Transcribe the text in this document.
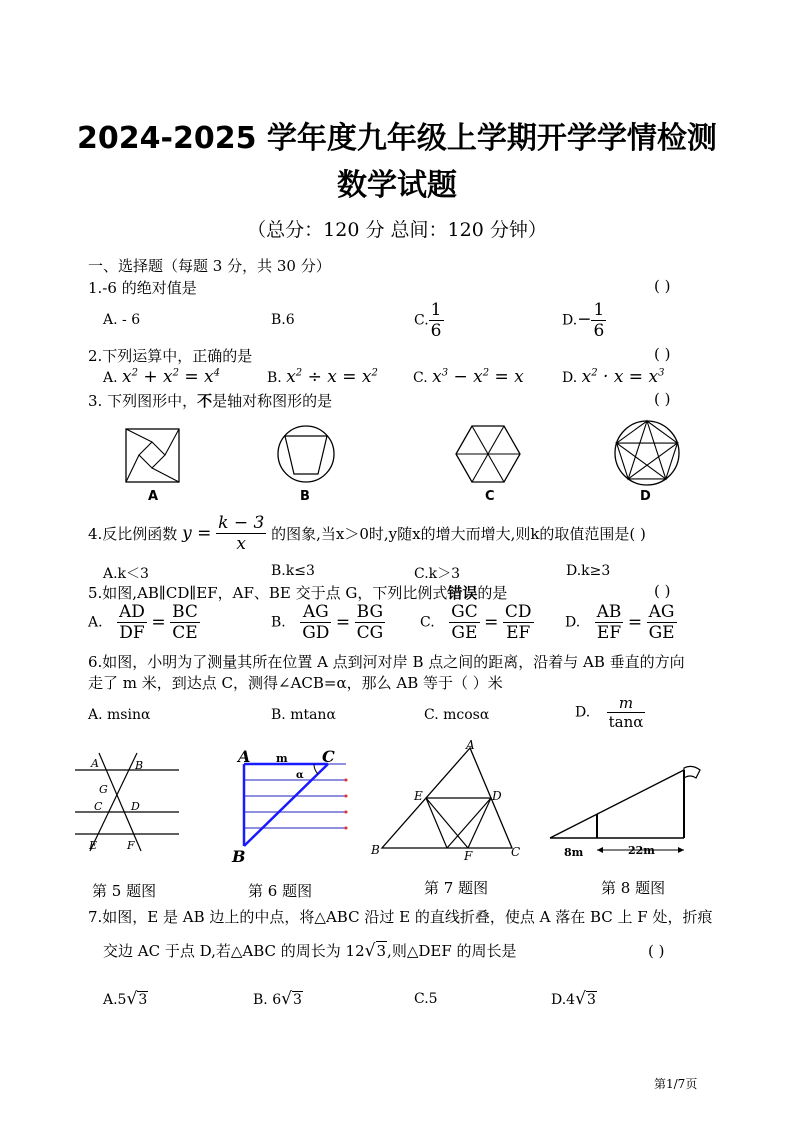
2024-2025 学年度九年级上学期开学学情检测
数学试题
（总分：120 分 总间：120 分钟）
一、选择题（每题 3 分，共 30 分）
1.-6 的绝对值是	( )
A. - 6	B.6	C. $\frac{1}{6}$	$D.- \frac{1}{6}$
2.下列运算中，正确的是	( )
A. $x^2 + x^2 = x^4$	B. $x^2 \div x = x^2$	C. $x^3 - x^2 = x$	D. $x^2 \cdot x = x^3$
3. 下列图形中，不是轴对称图形的是	( )
A	B	C	D
4.反比例函数 $y = \frac{k - 3}{x}$ 的图象,当x＞0时,y随x的增大而增大,则k的取值范围是( )
A.k＜3	B.k≤3	C.k＞3	D.k≥3
5.如图,AB∥CD∥EF，AF、BE 交于点 G，下列比例式错误的是	( )
A. $\frac{AD}{DF} = \frac{BC}{CE}$	B. $\frac{AG}{GD} = \frac{BG}{CG} C$. $\frac{GC}{GE} = \frac{CD}{EF} D$. $\frac{AB}{EF} = \frac{AG}{GE}$
6.如图，小明为了测量其所在位置 A 点到河对岸 B 点之间的距离，沿着与 AB 垂直的方向
走了 m 米，到达点 C，测得∠ACB=α，那么 AB 等于（ ）米
A. msinα	B. mtanα	C. mcosα	D. $\frac{m}{\tan\alpha}$
A	B
G
C	D
E	F
A m C
α
B
A
E	D
B	F	C	8m	22m
第 5 题图	第 6 题图	第 7 题图	第 8 题图
7.如图，E 是 AB 边上的中点，将△ABC 沿过 E 的直线折叠，使点 A 落在 BC 上 F 处，折痕
交边 AC 于点 D,若△ABC 的周长为 12√3,则△DEF 的周长是	( )
A.5√3	B. 6√3	C.5	D.4√3
第1/7页
